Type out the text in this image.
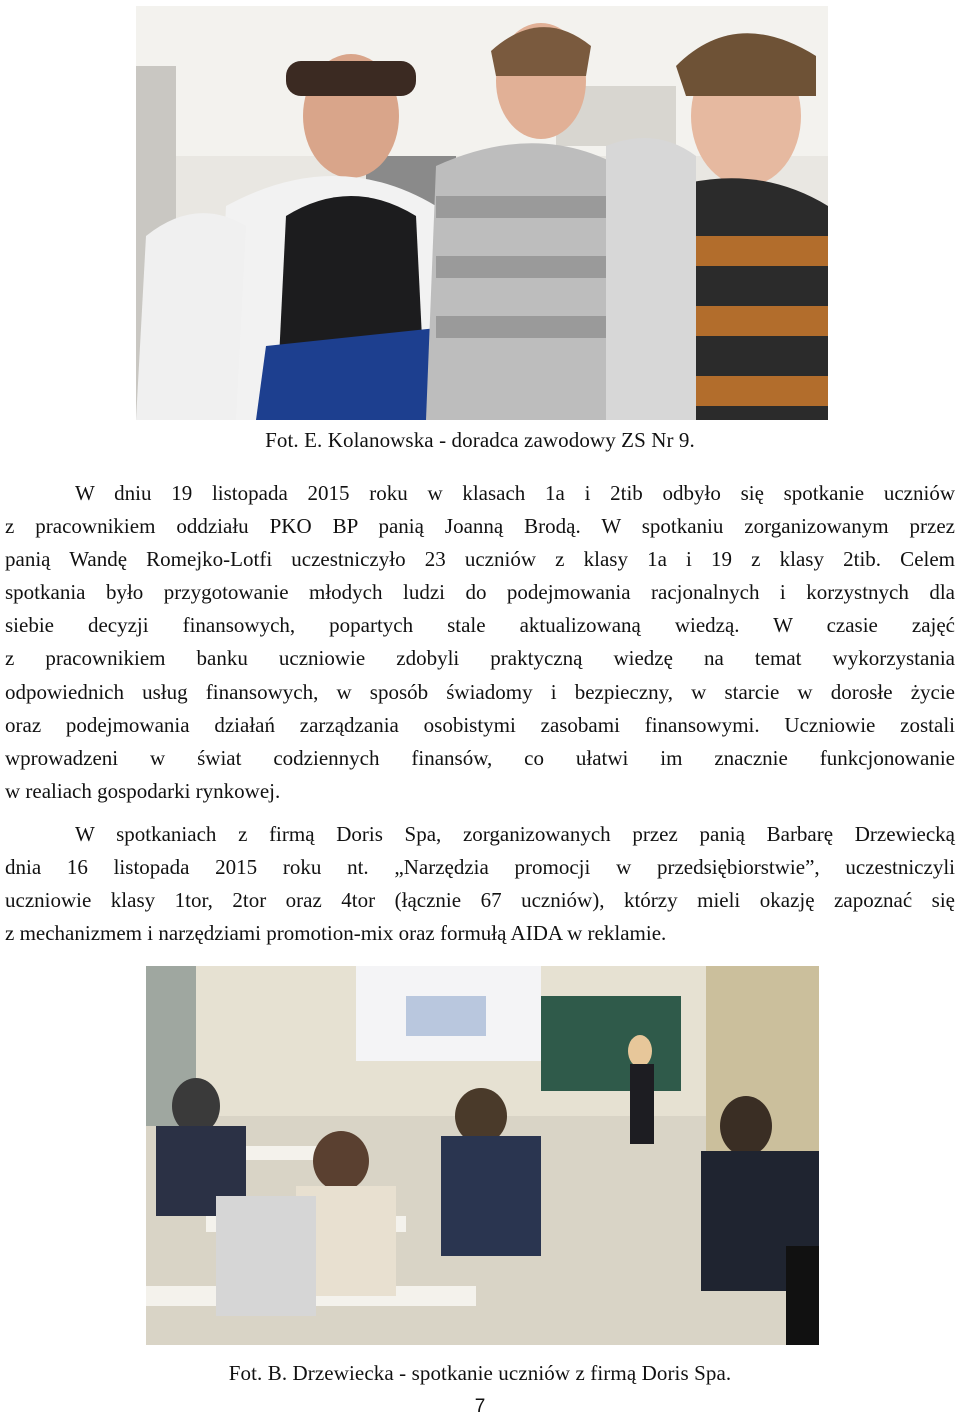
Fot. E. Kolanowska - doradca zawodowy ZS Nr 9.
W dniu 19 listopada 2015 roku w klasach 1a i 2tib odbyło się spotkanie uczniów
z pracownikiem oddziału PKO BP panią Joanną Brodą. W spotkaniu zorganizowanym przez
panią Wandę Romejko-Lotfi uczestniczyło 23 uczniów z klasy 1a i 19 z klasy 2tib. Celem
spotkania było przygotowanie młodych ludzi do podejmowania racjonalnych i korzystnych dla
siebie decyzji finansowych, popartych stale aktualizowaną wiedzą. W czasie zajęć
z pracownikiem banku uczniowie zdobyli praktyczną wiedzę na temat wykorzystania
odpowiednich usług finansowych, w sposób świadomy i bezpieczny, w starcie w dorosłe życie
oraz podejmowania działań zarządzania osobistymi zasobami finansowymi. Uczniowie zostali
wprowadzeni w świat codziennych finansów, co ułatwi im znacznie funkcjonowanie
w realiach gospodarki rynkowej.
W spotkaniach z firmą Doris Spa, zorganizowanych przez panią Barbarę Drzewiecką
dnia 16 listopada 2015 roku nt. „Narzędzia promocji w przedsiębiorstwie”, uczestniczyli
uczniowie klasy 1tor, 2tor oraz 4tor (łącznie 67 uczniów), którzy mieli okazję zapoznać się
z mechanizmem i narzędziami promotion-mix oraz formułą AIDA w reklamie.
Fot. B. Drzewiecka - spotkanie uczniów z firmą Doris Spa.
7
